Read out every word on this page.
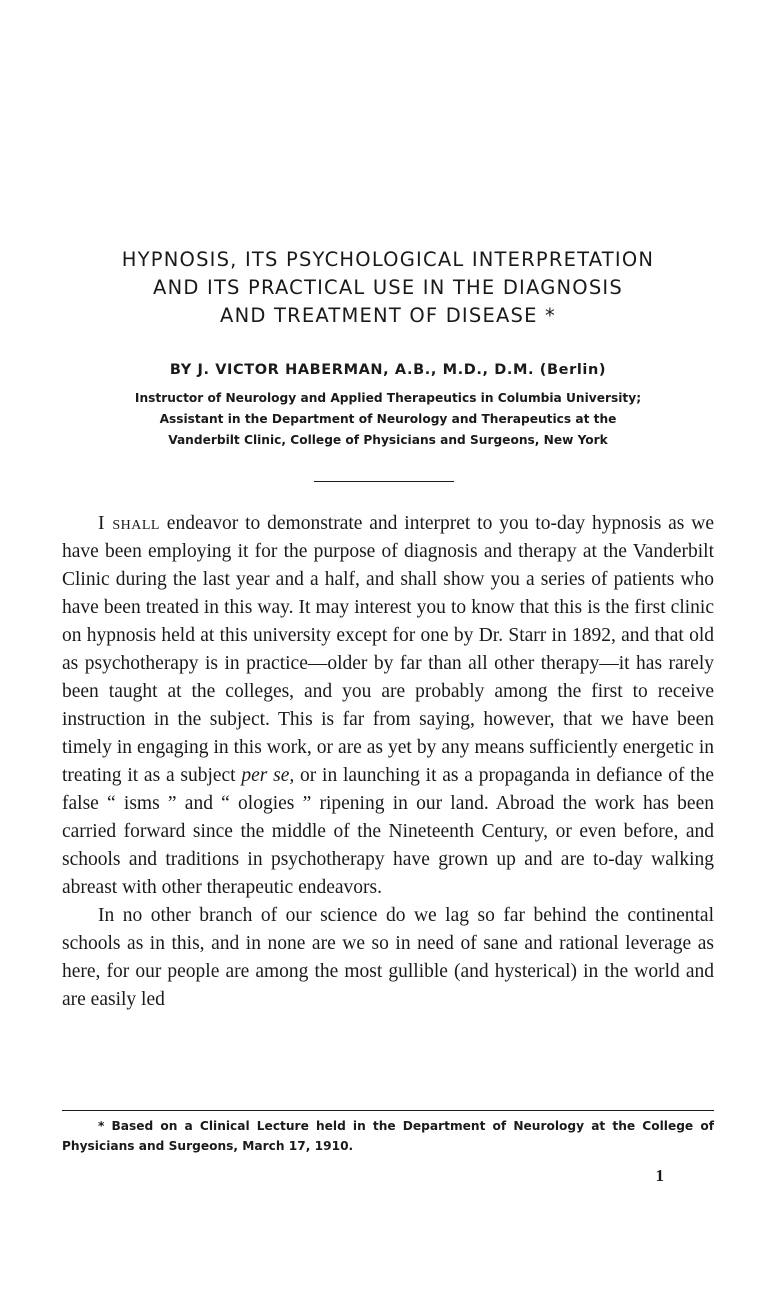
HYPNOSIS, ITS PSYCHOLOGICAL INTERPRETATION
AND ITS PRACTICAL USE IN THE DIAGNOSIS
AND TREATMENT OF DISEASE *
BY J. VICTOR HABERMAN, A.B., M.D., D.M. (Berlin)
Instructor of Neurology and Applied Therapeutics in Columbia University;
Assistant in the Department of Neurology and Therapeutics at the
Vanderbilt Clinic, College of Physicians and Surgeons, New York

I shall endeavor to demonstrate and interpret to you to-day hypnosis as we have been employing it for the purpose of diagnosis and therapy at the Vanderbilt Clinic during the last year and a half, and shall show you a series of patients who have been treated in this way. It may interest you to know that this is the first clinic on hypnosis held at this university except for one by Dr. Starr in 1892, and that old as psychotherapy is in practice—older by far than all other therapy—it has rarely been taught at the colleges, and you are probably among the first to receive instruction in the subject. This is far from saying, however, that we have been timely in engaging in this work, or are as yet by any means sufficiently energetic in treating it as a subject per se, or in launching it as a propaganda in defiance of the false “ isms ” and “ ologies ” ripening in our land. Abroad the work has been carried forward since the middle of the Nineteenth Century, or even before, and schools and traditions in psychotherapy have grown up and are to-day walking abreast with other therapeutic endeavors.

In no other branch of our science do we lag so far behind the continental schools as in this, and in none are we so in need of sane and rational leverage as here, for our people are among the most gullible (and hysterical) in the world and are easily led

* Based on a Clinical Lecture held in the Department of Neurology at the College of Physicians and Surgeons, March 17, 1910.
1
